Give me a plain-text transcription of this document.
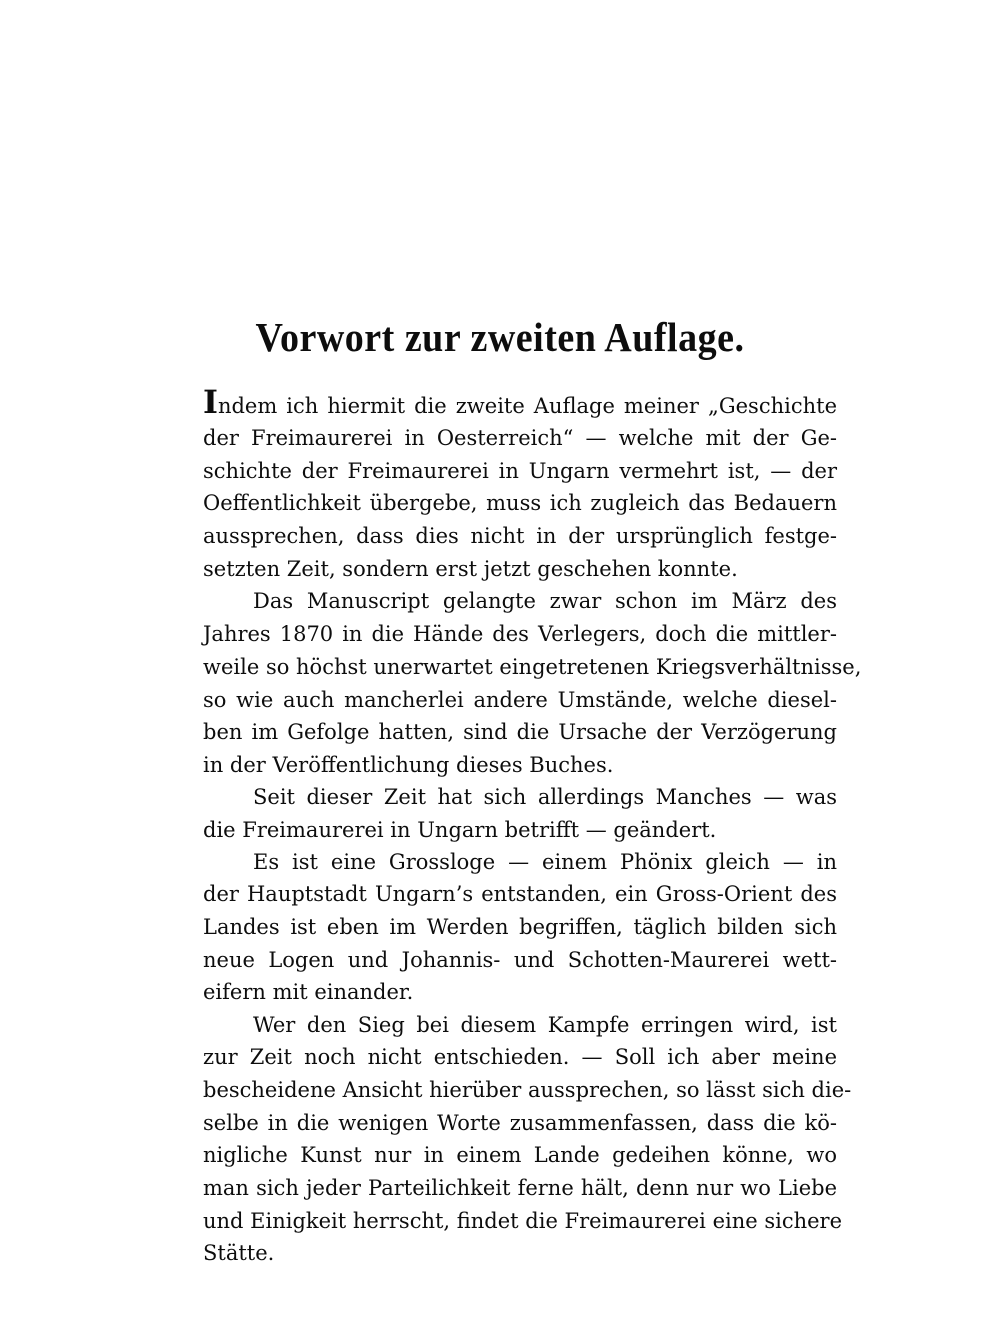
Vorwort zur zweiten Auflage.
Indem ich hiermit die zweite Auflage meiner „Geschichte
der Freimaurerei in Oesterreich“ — welche mit der Ge-
schichte der Freimaurerei in Ungarn vermehrt ist, — der
Oeffentlichkeit übergebe, muss ich zugleich das Bedauern
aussprechen, dass dies nicht in der ursprünglich festge-
setzten Zeit, sondern erst jetzt geschehen konnte.
Das Manuscript gelangte zwar schon im März des
Jahres 1870 in die Hände des Verlegers, doch die mittler-
weile so höchst unerwartet eingetretenen Kriegsverhältnisse,
so wie auch mancherlei andere Umstände, welche diesel-
ben im Gefolge hatten, sind die Ursache der Verzögerung
in der Veröffentlichung dieses Buches.
Seit dieser Zeit hat sich allerdings Manches — was
die Freimaurerei in Ungarn betrifft — geändert.
Es ist eine Grossloge — einem Phönix gleich — in
der Hauptstadt Ungarn’s entstanden, ein Gross-Orient des
Landes ist eben im Werden begriffen, täglich bilden sich
neue Logen und Johannis- und Schotten-Maurerei wett-
eifern mit einander.
Wer den Sieg bei diesem Kampfe erringen wird, ist
zur Zeit noch nicht entschieden. — Soll ich aber meine
bescheidene Ansicht hierüber aussprechen, so lässt sich die-
selbe in die wenigen Worte zusammenfassen, dass die kö-
nigliche Kunst nur in einem Lande gedeihen könne, wo
man sich jeder Parteilichkeit ferne hält, denn nur wo Liebe
und Einigkeit herrscht, findet die Freimaurerei eine sichere
Stätte.
